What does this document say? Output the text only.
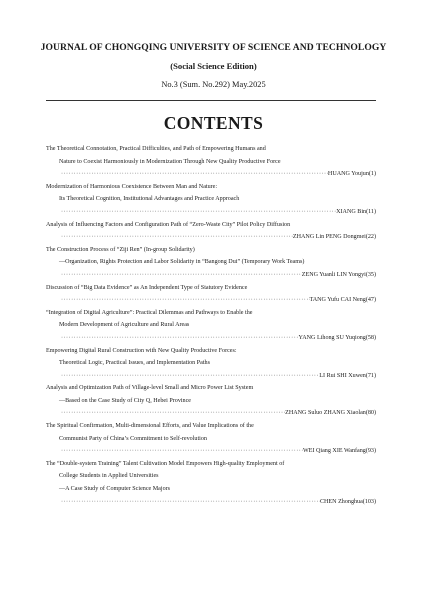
JOURNAL OF CHONGQING UNIVERSITY OF SCIENCE AND TECHNOLOGY
(Social Science Edition)
No.3 (Sum. No.292) May.2025
CONTENTS
The Theoretical Connotation, Practical Difficulties, and Path of Empowering Humans and
Nature to Coexist Harmoniously in Modernization Through New Quality Productive Force
·····
HUANG Youjun(1)
Modernization of Harmonious Coexistence Between Man and Nature:
Its Theoretical Cognition, Institutional Advantages and Practice Approach
·····
XIANG Bin(11)
Analysis of Influencing Factors and Configuration Path of “Zero-Waste City” Pilot Policy Diffusion
·····
ZHANG Lin PENG Dongmei(22)
The Construction Process of “Ziji Ren” (In-group Solidarity)
—Organization, Rights Protection and Labor Solidarity in “Bangong Dui” (Temporary Work Teams)
·····
ZENG Yuanli LIN Yongyi(35)
Discussion of “Big Data Evidence” as An Independent Type of Statutory Evidence
·····
TANG Yufu CAI Neng(47)
“Integration of Digital Agriculture”: Practical Dilemmas and Pathways to Enable the
Modern Development of Agriculture and Rural Areas
·····
YANG Lihong SU Yuqiong(58)
Empowering Digital Rural Construction with New Quality Productive Forces:
Theoretical Logic, Practical Issues, and Implementation Paths
·····
LI Rui SHI Xuwen(71)
Analysis and Optimization Path of Village-level Small and Micro Power List System
—Based on the Case Study of City Q, Hebei Province
·····
ZHANG Suluo ZHANG Xiaolan(80)
The Spiritual Confirmation, Multi-dimensional Efforts, and Value Implications of the
Communist Party of China’s Commitment to Self-revolution
·····
WEI Qiang XIE Wanfang(93)
The “Double-system Training” Talent Cultivation Model Empowers High-quality Employment of
College Students in Applied Universities
—A Case Study of Computer Science Majors
·····
CHEN Zhonghua(103)
